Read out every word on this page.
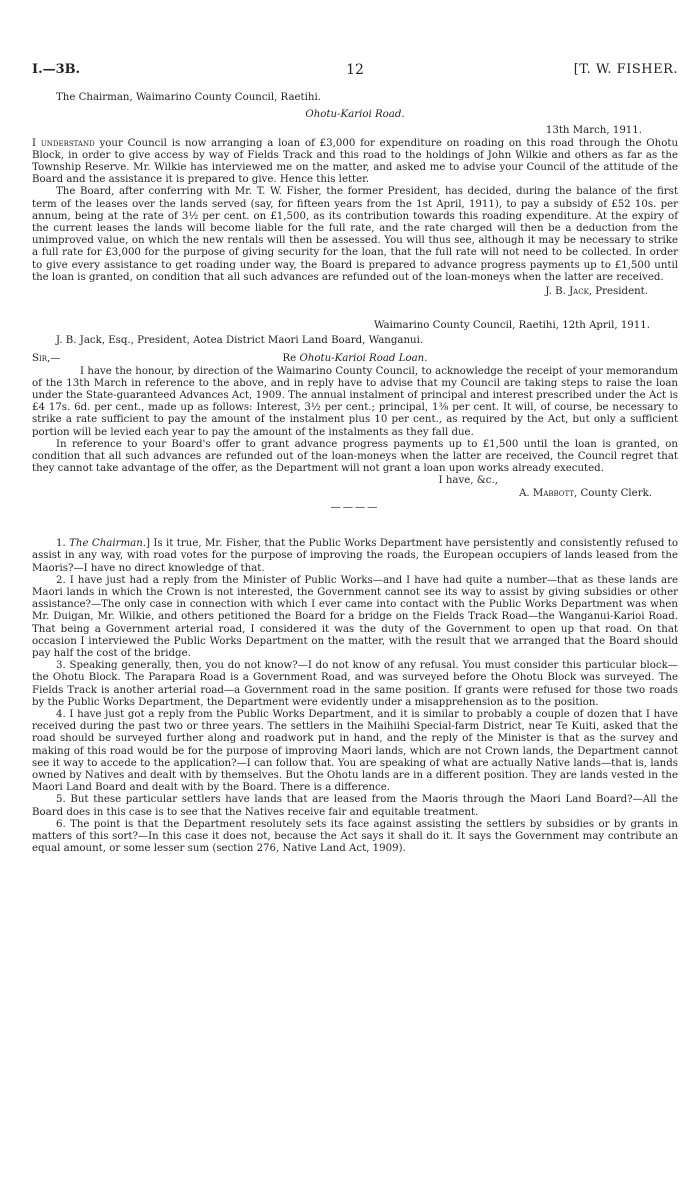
I.—3B.	12	[T. W. FISHER.

The Chairman, Waimarino County Council, Raetihi.

Ohotu-Karioi Road.

13th March, 1911.

I understand your Council is now arranging a loan of £3,000 for expenditure on roading on this road through the Ohotu Block, in order to give access by way of Fields Track and this road to the holdings of John Wilkie and others as far as the Township Reserve. Mr. Wilkie has interviewed me on the matter, and asked me to advise your Council of the attitude of the Board and the assistance it is prepared to give. Hence this letter.

The Board, after conferring with Mr. T. W. Fisher, the former President, has decided, during the balance of the first term of the leases over the lands served (say, for fifteen years from the 1st April, 1911), to pay a subsidy of £52 10s. per annum, being at the rate of 3½ per cent. on £1,500, as its contribution towards this roading expenditure. At the expiry of the current leases the lands will become liable for the full rate, and the rate charged will then be a deduction from the unimproved value, on which the new rentals will then be assessed. You will thus see, although it may be necessary to strike a full rate for £3,000 for the purpose of giving security for the loan, that the full rate will not need to be collected. In order to give every assistance to get roading under way, the Board is prepared to advance progress payments up to £1,500 until the loan is granted, on condition that all such advances are refunded out of the loan-moneys when the latter are received.

J. B. Jack, President.

Waimarino County Council, Raetihi, 12th April, 1911.

J. B. Jack, Esq., President, Aotea District Maori Land Board, Wanganui.

Sir,—	Re Ohotu-Karioi Road Loan.

I have the honour, by direction of the Waimarino County Council, to acknowledge the receipt of your memorandum of the 13th March in reference to the above, and in reply have to advise that my Council are taking steps to raise the loan under the State-guaranteed Advances Act, 1909. The annual instalment of principal and interest prescribed under the Act is £4 17s. 6d. per cent., made up as follows: Interest, 3½ per cent.; principal, 1⅜ per cent. It will, of course, be necessary to strike a rate sufficient to pay the amount of the instalment plus 10 per cent., as required by the Act, but only a sufficient portion will be levied each year to pay the amount of the instalments as they fall due.

In reference to your Board's offer to grant advance progress payments up to £1,500 until the loan is granted, on condition that all such advances are refunded out of the loan-moneys when the latter are received, the Council regret that they cannot take advantage of the offer, as the Department will not grant a loan upon works already executed.

I have, &c.,

A. Mabbott, County Clerk.

————

1. The Chairman.] Is it true, Mr. Fisher, that the Public Works Department have persistently and consistently refused to assist in any way, with road votes for the purpose of improving the roads, the European occupiers of lands leased from the Maoris?—I have no direct knowledge of that.

2. I have just had a reply from the Minister of Public Works—and I have had quite a number—that as these lands are Maori lands in which the Crown is not interested, the Government cannot see its way to assist by giving subsidies or other assistance?—The only case in connection with which I ever came into contact with the Public Works Department was when Mr. Duigan, Mr. Wilkie, and others petitioned the Board for a bridge on the Fields Track Road—the Wanganui-Karioi Road. That being a Government arterial road, I considered it was the duty of the Government to open up that road. On that occasion I interviewed the Public Works Department on the matter, with the result that we arranged that the Board should pay half the cost of the bridge.

3. Speaking generally, then, you do not know?—I do not know of any refusal. You must consider this particular block—the Ohotu Block. The Parapara Road is a Government Road, and was surveyed before the Ohotu Block was surveyed. The Fields Track is another arterial road—a Government road in the same position. If grants were refused for those two roads by the Public Works Department, the Department were evidently under a misapprehension as to the position.

4. I have just got a reply from the Public Works Department, and it is similar to probably a couple of dozen that I have received during the past two or three years. The settlers in the Maihiihi Special-farm District, near Te Kuiti, asked that the road should be surveyed further along and roadwork put in hand, and the reply of the Minister is that as the survey and making of this road would be for the purpose of improving Maori lands, which are not Crown lands, the Department cannot see it way to accede to the application?—I can follow that. You are speaking of what are actually Native lands—that is, lands owned by Natives and dealt with by themselves. But the Ohotu lands are in a different position. They are lands vested in the Maori Land Board and dealt with by the Board. There is a difference.

5. But these particular settlers have lands that are leased from the Maoris through the Maori Land Board?—All the Board does in this case is to see that the Natives receive fair and equitable treatment.

6. The point is that the Department resolutely sets its face against assisting the settlers by subsidies or by grants in matters of this sort?—In this case it does not, because the Act says it shall do it. It says the Government may contribute an equal amount, or some lesser sum (section 276, Native Land Act, 1909).
